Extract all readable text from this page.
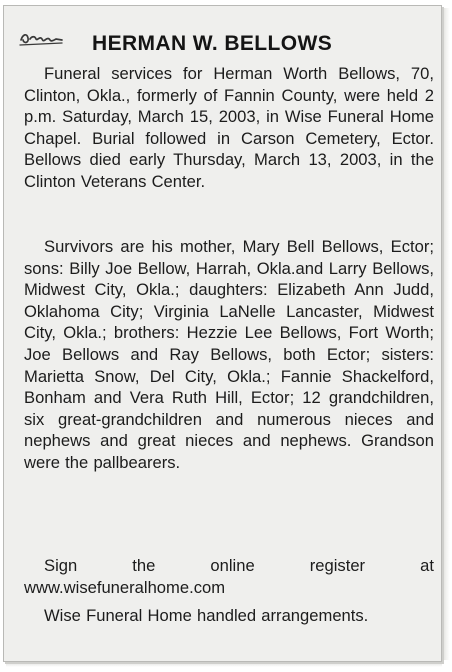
HERMAN W. BELLOWS

Funeral services for Herman Worth Bellows, 70, Clinton, Okla., formerly of Fannin County, were held 2 p.m. Saturday, March 15, 2003, in Wise Funeral Home Chapel. Burial followed in Carson Cemetery, Ector. Bellows died early Thursday, March 13, 2003, in the Clinton Veterans Center.

Survivors are his mother, Mary Bell Bellows, Ector; sons: Billy Joe Bellow, Harrah, Okla.and Larry Bellows, Midwest City, Okla.; daughters: Elizabeth Ann Judd, Oklahoma City; Virginia LaNelle Lancaster, Midwest City, Okla.; brothers: Hezzie Lee Bellows, Fort Worth; Joe Bellows and Ray Bellows, both Ector; sisters: Marietta Snow, Del City, Okla.; Fannie Shackelford, Bonham and Vera Ruth Hill, Ector; 12 grandchildren, six great-grandchildren and numerous nieces and nephews and great nieces and nephews. Grandson were the pallbearers.

Sign the online register at www.wisefuneralhome.com

Wise Funeral Home handled arrangements.
